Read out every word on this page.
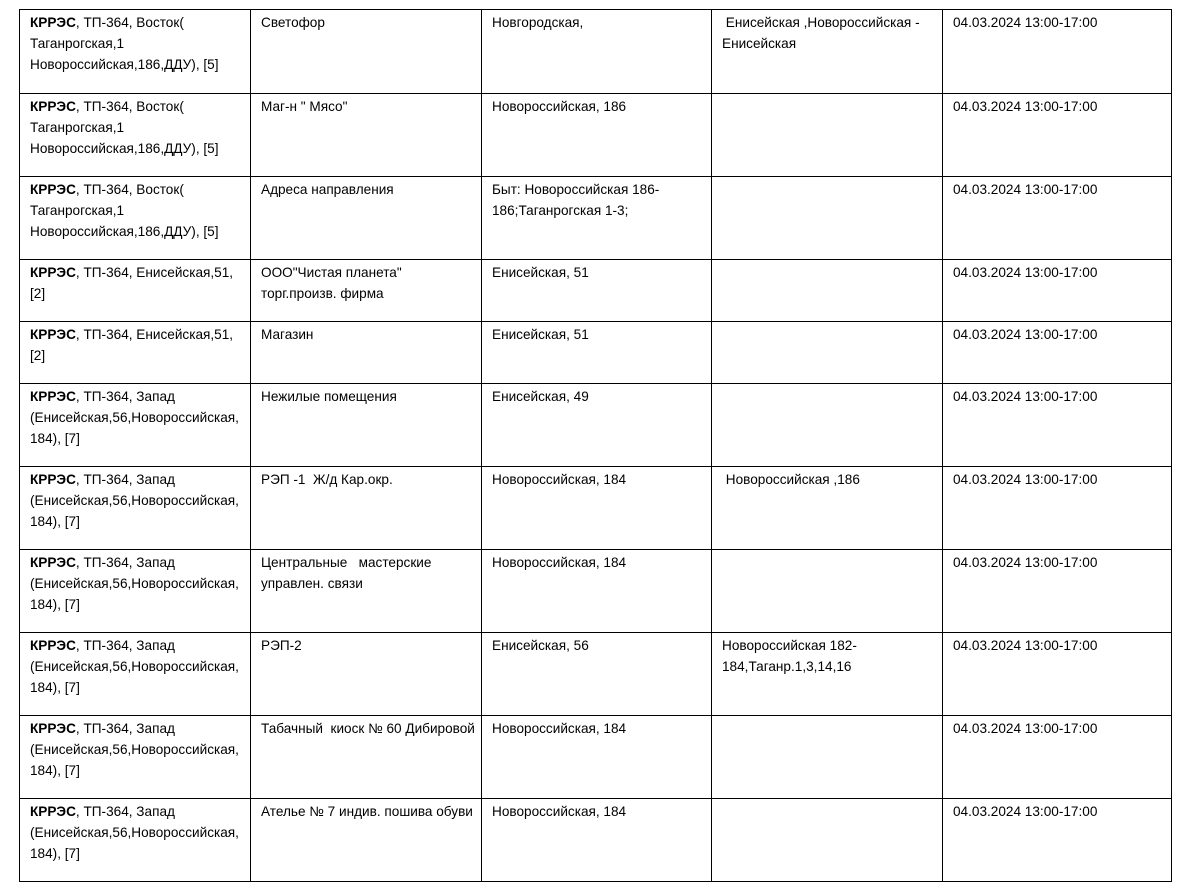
КРРЭС, ТП-364, Восток( Таганрогская,1 Новороссийская,186,ДДУ), [5]	Светофор	Новгородская,	Енисейская ,Новороссийская - Енисейская	04.03.2024 13:00-17:00

КРРЭС, ТП-364, Восток( Таганрогская,1 Новороссийская,186,ДДУ), [5]	Маг-н " Мясо"	Новороссийская, 186		04.03.2024 13:00-17:00

КРРЭС, ТП-364, Восток( Таганрогская,1 Новороссийская,186,ДДУ), [5]	Адреса направления	Быт: Новороссийская 186-186;Таганрогская 1-3;		04.03.2024 13:00-17:00

КРРЭС, ТП-364, Енисейская,51, [2]	ООО"Чистая планета" торг.произв. фирма	Енисейская, 51		04.03.2024 13:00-17:00

КРРЭС, ТП-364, Енисейская,51, [2]	Магазин	Енисейская, 51		04.03.2024 13:00-17:00

КРРЭС, ТП-364, Запад (Енисейская,56,Новороссийская, 184), [7]	Нежилые помещения	Енисейская, 49		04.03.2024 13:00-17:00

КРРЭС, ТП-364, Запад (Енисейская,56,Новороссийская, 184), [7]	РЭП -1  Ж/д Кар.окр.	Новороссийская, 184	Новороссийская ,186	04.03.2024 13:00-17:00

КРРЭС, ТП-364, Запад (Енисейская,56,Новороссийская, 184), [7]	Центральные   мастерские управлен. связи	Новороссийская, 184		04.03.2024 13:00-17:00

КРРЭС, ТП-364, Запад (Енисейская,56,Новороссийская, 184), [7]	РЭП-2	Енисейская, 56	Новороссийская 182-184,Таганр.1,3,14,16	04.03.2024 13:00-17:00

КРРЭС, ТП-364, Запад (Енисейская,56,Новороссийская, 184), [7]	Табачный  киоск № 60 Дибировой	Новороссийская, 184		04.03.2024 13:00-17:00

КРРЭС, ТП-364, Запад (Енисейская,56,Новороссийская, 184), [7]	Ателье № 7 индив. пошива обуви	Новороссийская, 184		04.03.2024 13:00-17:00
